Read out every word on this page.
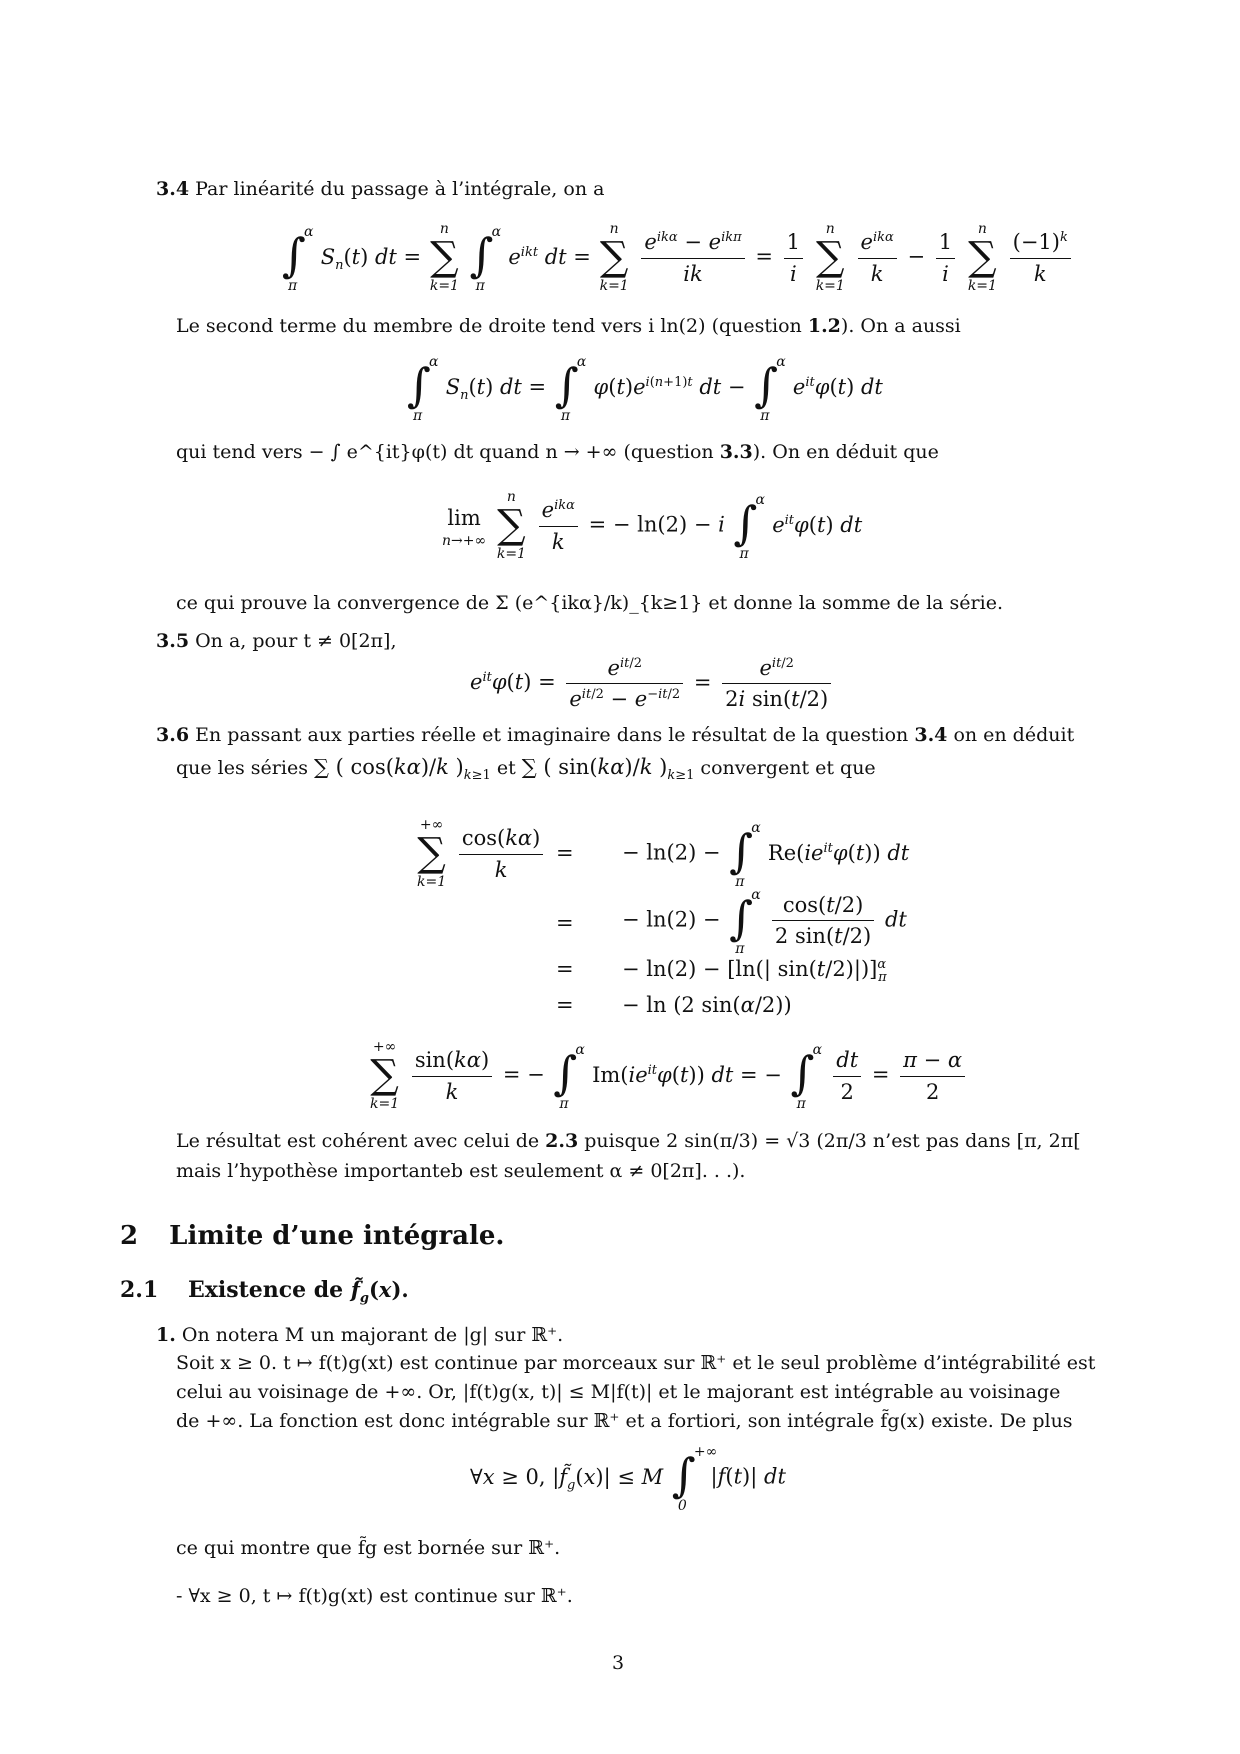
3.4 Par linéarité du passage à l’intégrale, on a
∫
α
π
$S_n(t)$ dt =
n
∑
k=1

∫
α
π
$e^{ikt}$ dt =
n
∑
k=1
$\frac{e^{ik\alpha} - e^{ik\pi}}{ik} = \frac{1}{i}$
	n
∑
k=1
$\frac{e^{ik\alpha}}{k} - \frac{1}{i}$
	n
∑
k=1
$\frac{(-1)^k}{k}$
Le second terme du membre de droite tend vers i ln(2) (question 1.2). On a aussi
∫
α
π
$S_n(t)$ dt = ∫
α
π
$\varphi(t)e^{i(n+1)t}$ dt − ∫
α
π
$e^{it}\varphi(t)$ dt
qui tend vers − ∫ e^{it}φ(t) dt quand n → +∞ (question 3.3). On en déduit que
lim
n→+∞

n
∑
k=1
$\frac{e^{ik\alpha}}{k}$ = − ln(2) − i ∫
α
π
$e^{it}\varphi(t)$ dt
ce qui prouve la convergence de Σ (e^{ikα}/k)_{k≥1} et donne la somme de la série.
3.5 On a, pour t ≠ 0[2π],
$e^{it}\varphi(t) = \frac{e^{it/2}}{e^{it/2} - e^{-it/2}} = \frac{e^{it/2}}{\text{2i sin(t/2)}}$
3.6 En passant aux parties réelle et imaginaire dans le résultat de la question 3.4 on en déduit
que les séries ∑ ( cos(kα)/k )$_{k\ge 1}$ et ∑ ( sin(kα)/k )$_{k\ge 1}$ convergent et que
+∞
∑
k=1
$\frac{\cos(k\alpha)}{k}$ = − ln(2) − ∫
α
π
$Re(ie^{it}\varphi(t))$ dt
= − ln(2) − ∫
α
π
$\frac{\cos(t/2)}{2 \sin(t/2)}$ dt
= − ln(2) − [ln(| sin(t/2)|)]$^\alpha_\pi$
= − ln (2 sin(α/2))
+∞
∑
k=1
$\frac{\sin(k\alpha)}{k}$ = − ∫
α
π
$Im(ie^{it}\varphi(t))$ dt = − ∫
α
π
$\frac{dt}{2} = \frac{\pi - \alpha}{2}$
Le résultat est cohérent avec celui de 2.3 puisque 2 sin(π/3) = √3 (2π/3 n’est pas dans [π, 2π[
mais l’hypothèse importanteb est seulement α ≠ 0[2π]. . .).
2 Limite d’une intégrale.
2.1 Existence de $f̃_g(x)$.
1. On notera M un majorant de |g| sur ℝ⁺.
Soit x ≥ 0. t ↦ f(t)g(xt) est continue par morceaux sur ℝ⁺ et le seul problème d’intégrabilité est
celui au voisinage de +∞. Or, |f(t)g(x, t)| ≤ M|f(t)| et le majorant est intégrable au voisinage
de +∞. La fonction est donc intégrable sur ℝ⁺ et a fortiori, son intégrale f̃g(x) existe. De plus
∀x ≥ 0, $|f̃_g(x)| \le M$ ∫
+∞
0
|f(t)| dt
ce qui montre que f̃g est bornée sur ℝ⁺.
- ∀x ≥ 0, t ↦ f(t)g(xt) est continue sur ℝ⁺.
3
